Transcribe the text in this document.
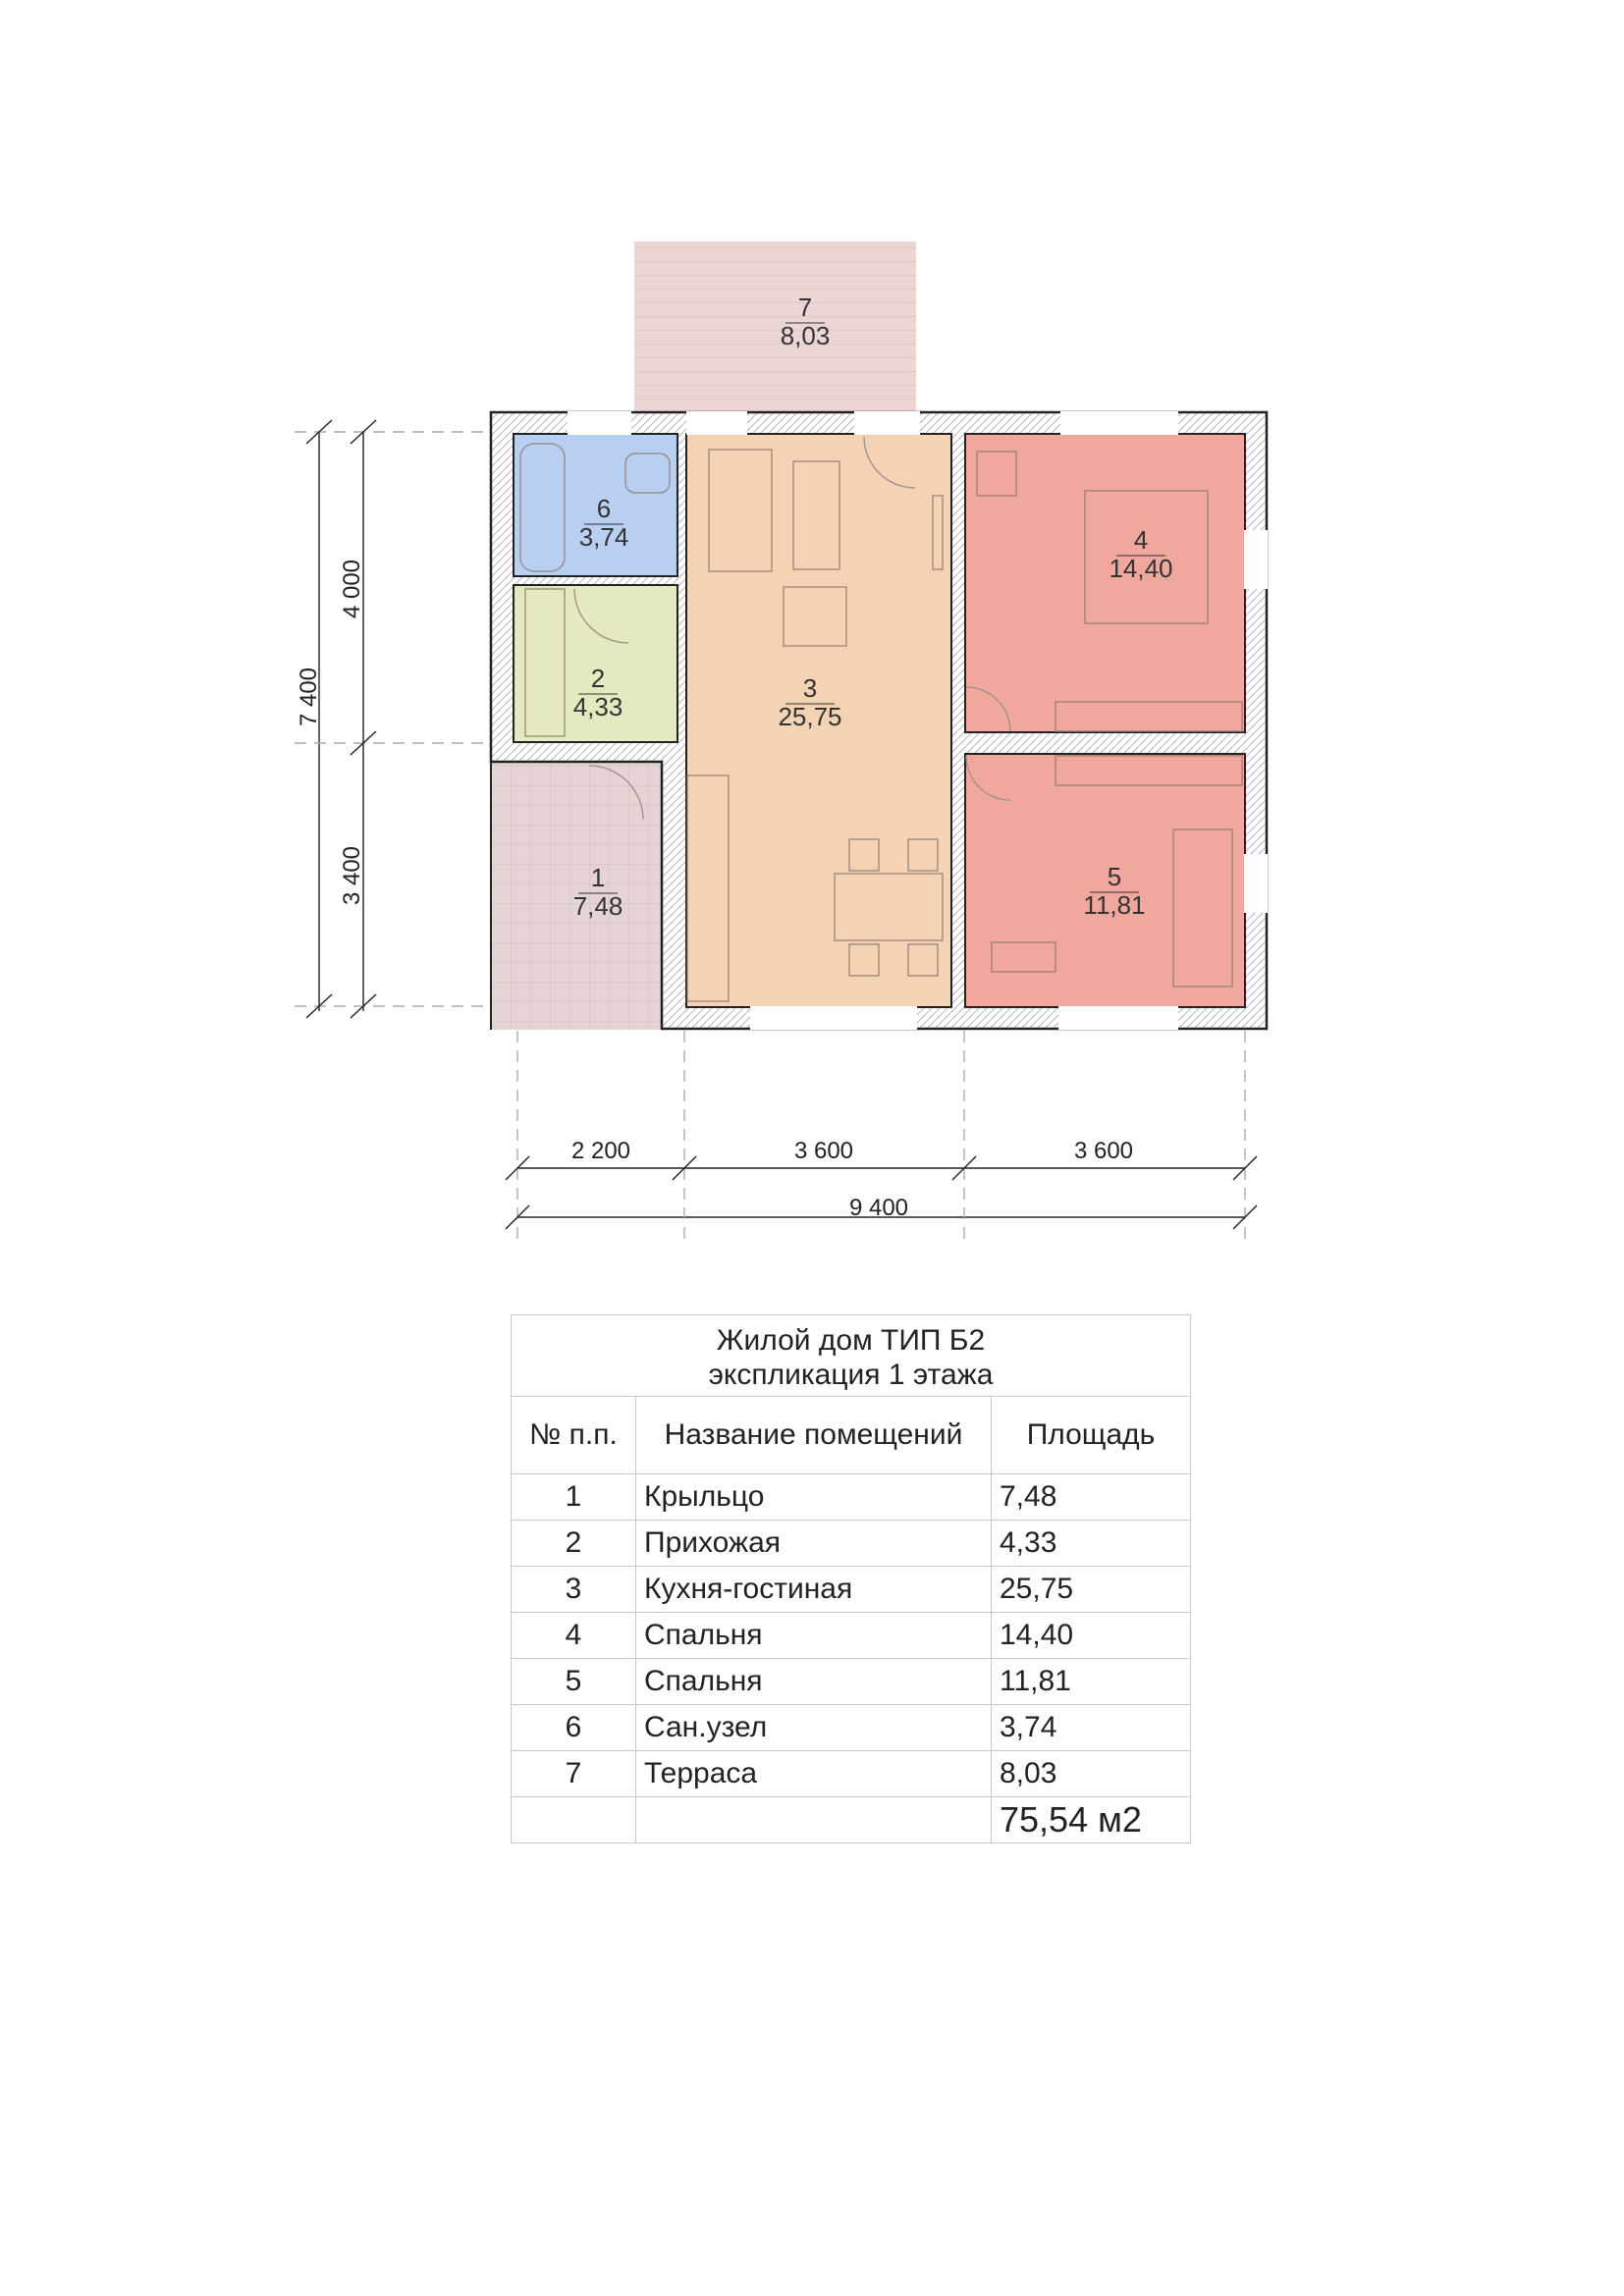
7
8,03
6
3,74
2
4,33
3
25,75
4
14,40
5
11,81
1
7,48
7 400
4 000
3 400
2 200	3 600	3 600
9 400
Жилой дом ТИП Б2
экспликация 1 этажа		

№ п.п.	Название помещений	Площадь
1	Крыльцо	7,48
2	Прихожая	4,33
3	Кухня-гостиная	25,75
4	Спальня	14,40
5	Спальня	11,81
6	Сан.узел	3,74
7	Терраса	8,03
		75,54 м2
